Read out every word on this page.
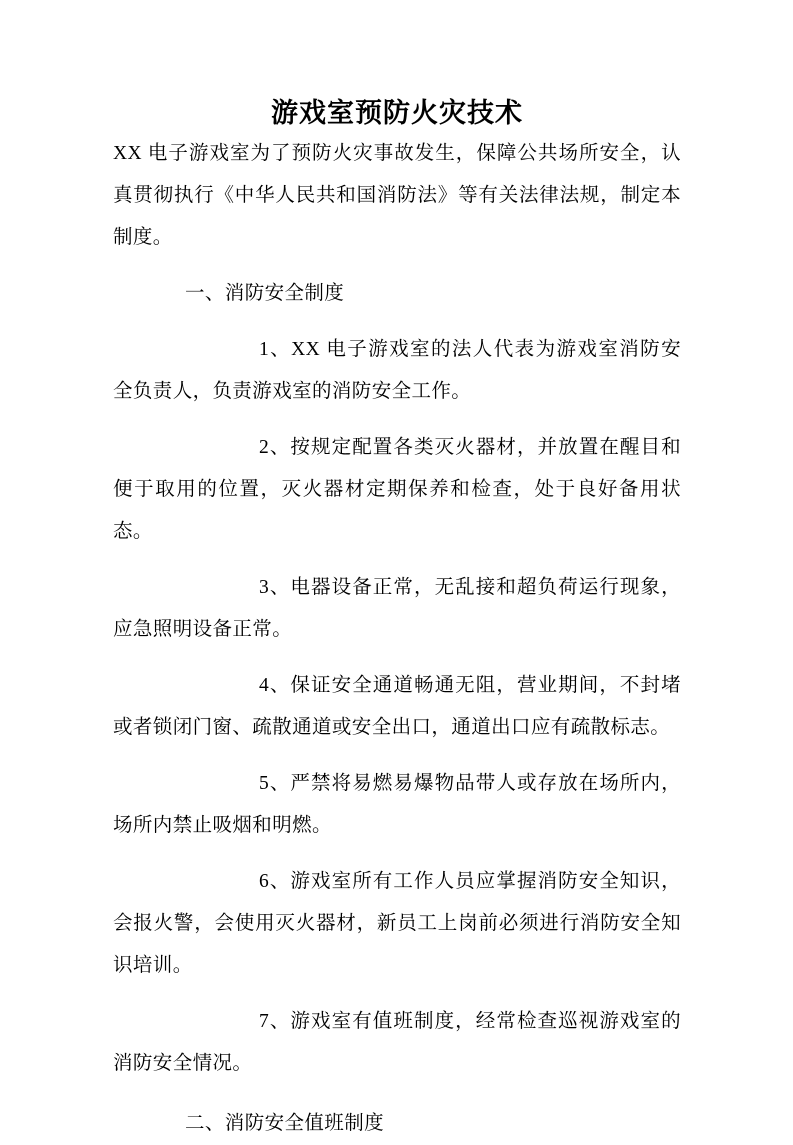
游戏室预防火灾技术

XX 电子游戏室为了预防火灾事故发生，保障公共场所安全，认真贯彻执行《中华人民共和国消防法》等有关法律法规，制定本制度。

一、消防安全制度

1、XX 电子游戏室的法人代表为游戏室消防安全负责人，负责游戏室的消防安全工作。

2、按规定配置各类灭火器材，并放置在醒目和便于取用的位置，灭火器材定期保养和检查，处于良好备用状态。

3、电器设备正常，无乱接和超负荷运行现象，应急照明设备正常。

4、保证安全通道畅通无阻，营业期间，不封堵或者锁闭门窗、疏散通道或安全出口，通道出口应有疏散标志。

5、严禁将易燃易爆物品带人或存放在场所内，场所内禁止吸烟和明燃。

6、游戏室所有工作人员应掌握消防安全知识，会报火警，会使用灭火器材，新员工上岗前必须进行消防安全知识培训。

7、游戏室有值班制度，经常检查巡视游戏室的消防安全情况。

二、消防安全值班制度
